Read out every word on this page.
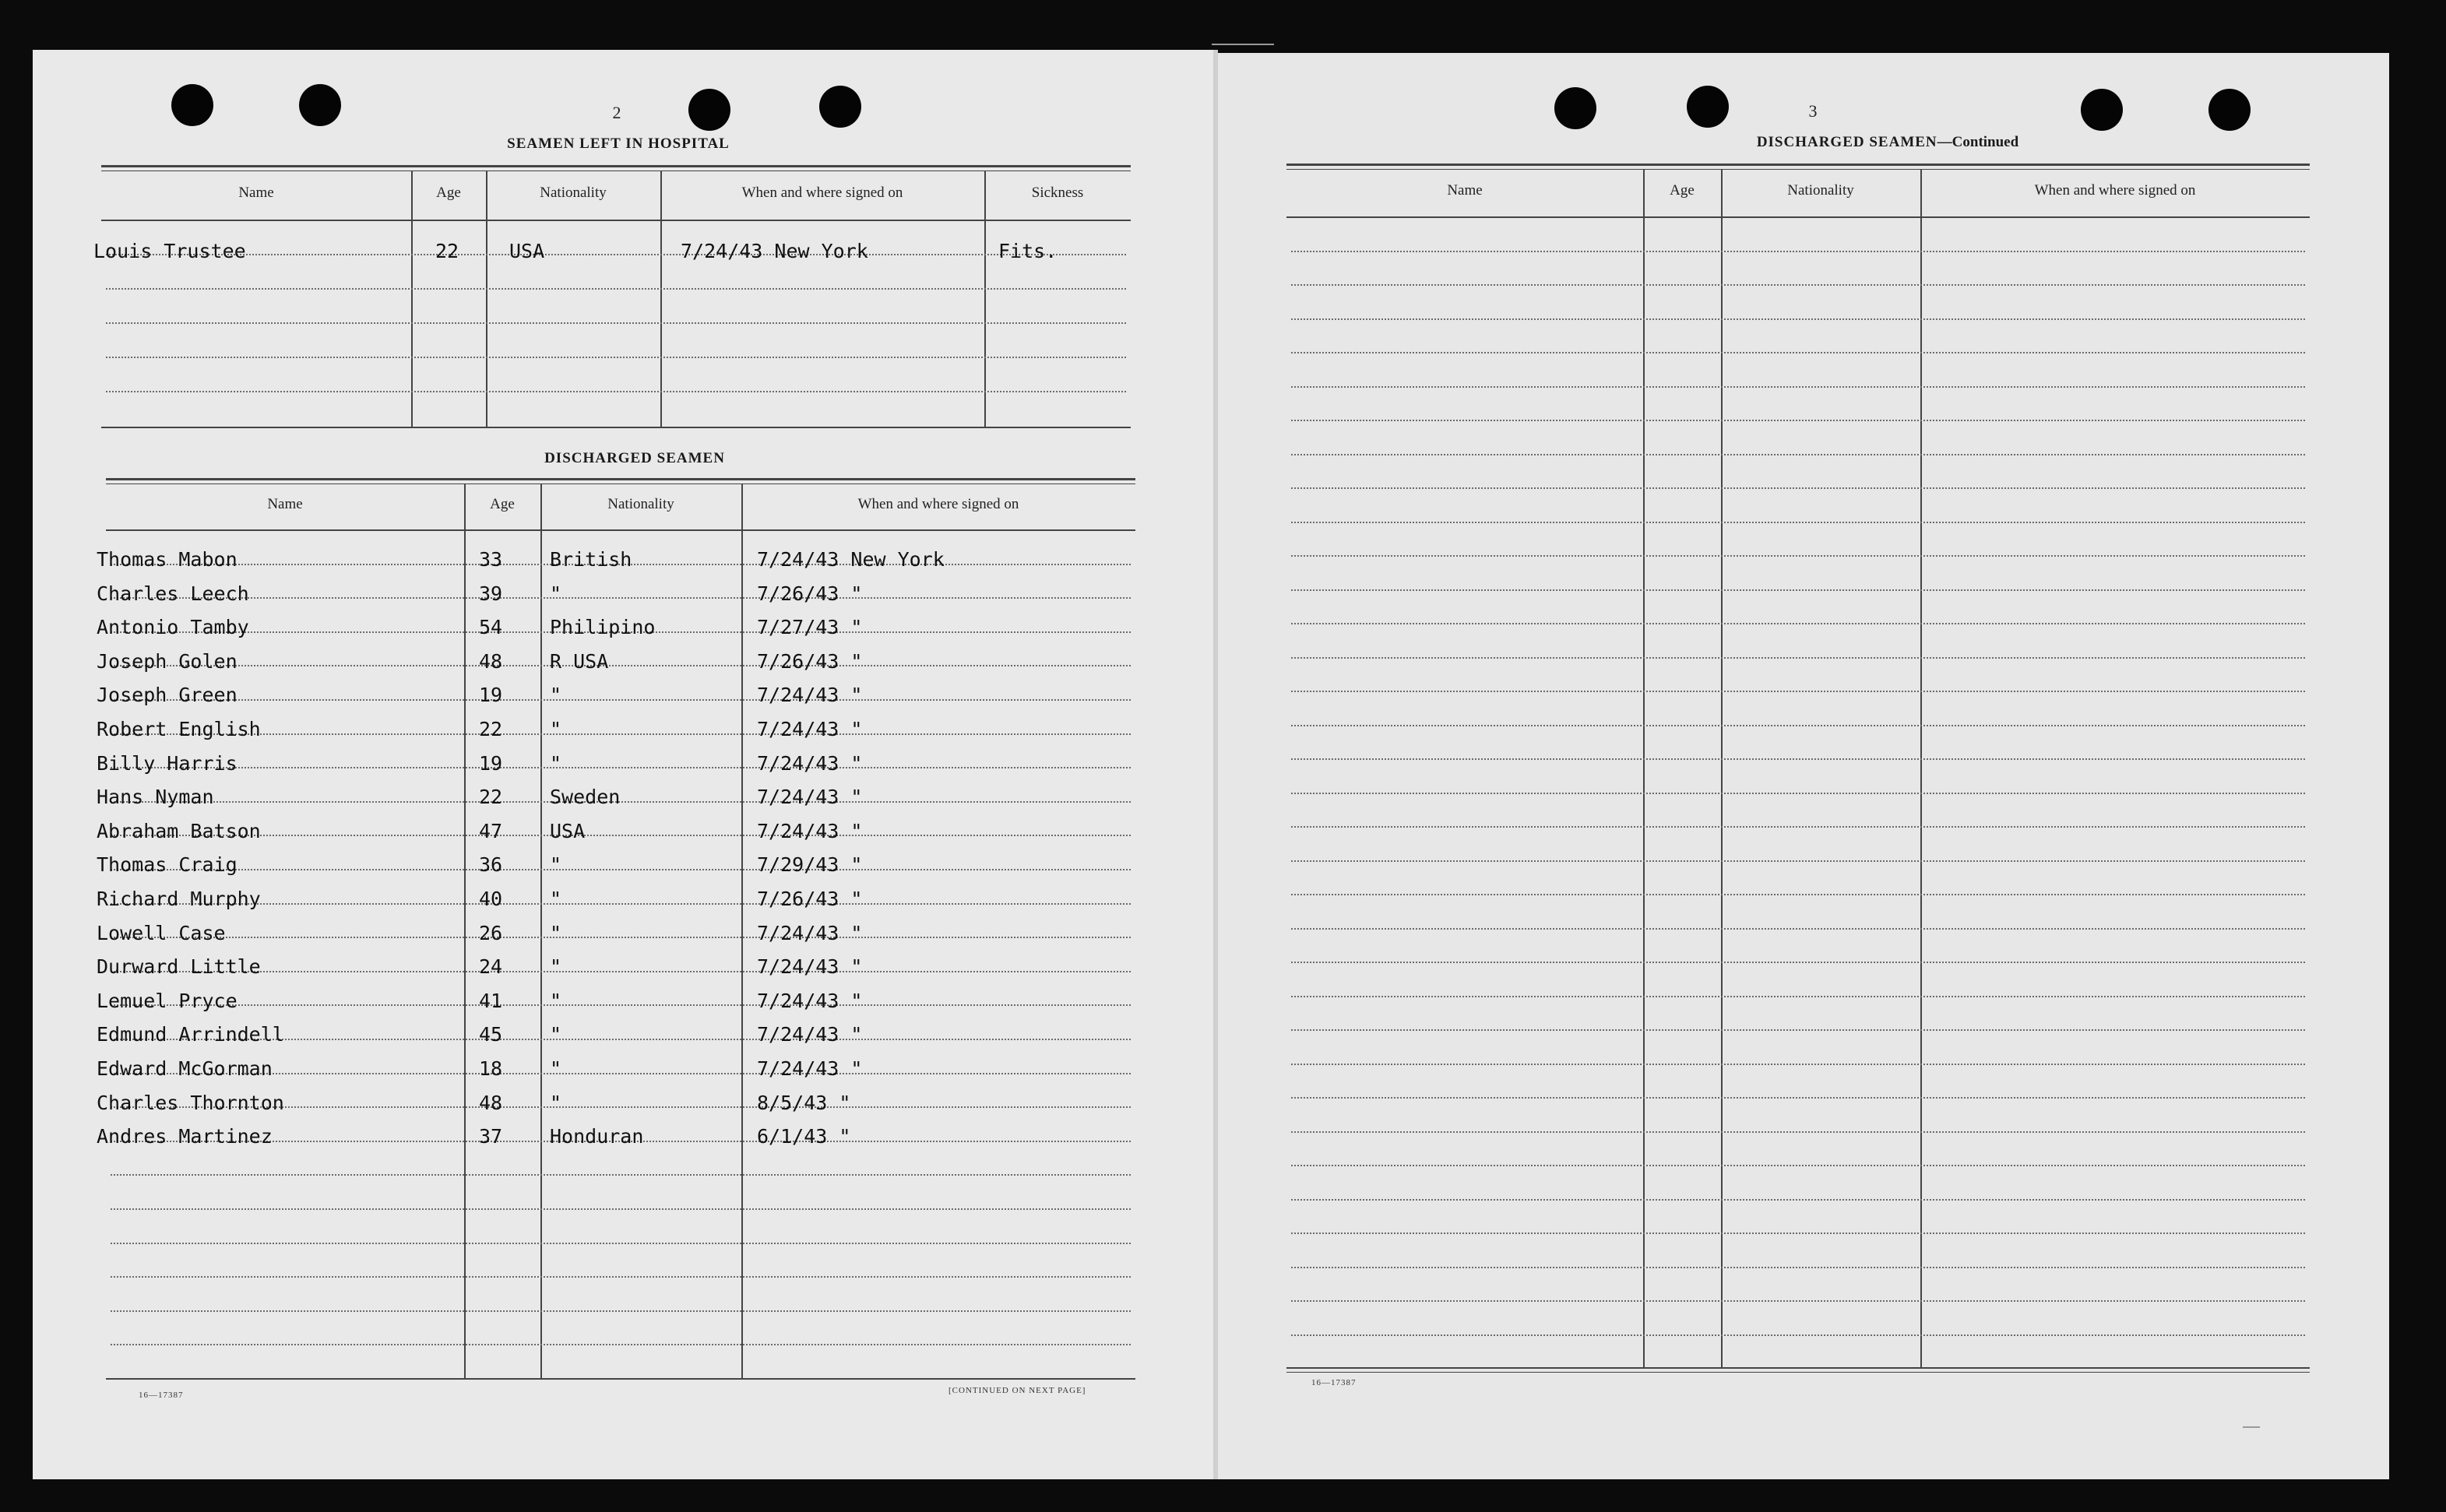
2
SEAMEN LEFT IN HOSPITAL
Name	Age	Nationality	When and where signed on	Sickness
Louis Trustee	22	USA	7/24/43 New York	Fits.
DISCHARGED SEAMEN
Name	Age	Nationality	When and where signed on
Thomas Mabon	33 British	7/24/43 New York
Charles Leech	39 "	7/26/43 "
Antonio Tamby	54 Philipino	7/27/43 "
Joseph Golen	48 R USA	7/26/43 "
Joseph Green	19 "	7/24/43 "
Robert English	22 "	7/24/43 "
Billy Harris	19 "	7/24/43 "
Hans Nyman	22 Sweden	7/24/43 "
Abraham Batson	47 USA	7/24/43 "
Thomas Craig	36 "	7/29/43 "
Richard Murphy	40 "	7/26/43 "
Lowell Case	26 "	7/24/43 "
Durward Little	24 "	7/24/43 "
Lemuel Pryce	41 "	7/24/43 "
Edmund Arrindell	45 "	7/24/43 "
Edward McGorman	18 "	7/24/43 "
Charles Thornton	48 "	8/5/43 "
Andres Martinez	37 Honduran	6/1/43 "
16—17387	[CONTINUED ON NEXT PAGE]
3
DISCHARGED SEAMEN—Continued
Name	Age	Nationality	When and where signed on
16—17387
